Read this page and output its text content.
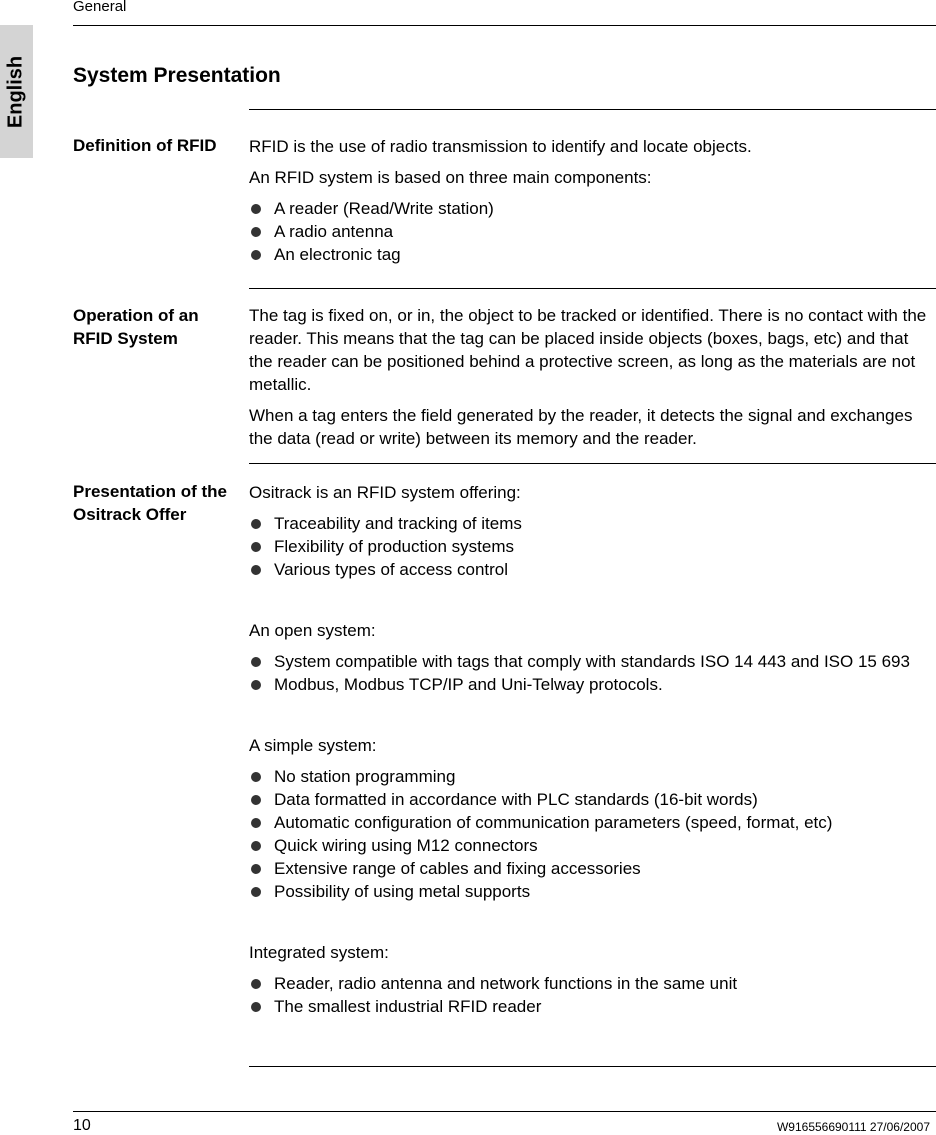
English
General
System Presentation
Definition of RFID	RFID is the use of radio transmission to identify and locate objects.

An RFID system is based on three main components:

A reader (Read/Write station)
A radio antenna
An electronic tag
Operation of an RFID System

The tag is fixed on, or in, the object to be tracked or identified. There is no contact with the reader. This means that the tag can be placed inside objects (boxes, bags, etc) and that the reader can be positioned behind a protective screen, as long as the materials are not metallic.

When a tag enters the field generated by the reader, it detects the signal and exchanges the data (read or write) between its memory and the reader.

Presentation of the Ositrack Offer

Ositrack is an RFID system offering:

Traceability and tracking of items
Flexibility of production systems
Various types of access control

An open system:

System compatible with tags that comply with standards ISO 14 443 and ISO 15 693
Modbus, Modbus TCP/IP and Uni-Telway protocols.

A simple system:

No station programming
Data formatted in accordance with PLC standards (16-bit words)
Automatic configuration of communication parameters (speed, format, etc)
Quick wiring using M12 connectors
Extensive range of cables and fixing accessories
Possibility of using metal supports

Integrated system:

Reader, radio antenna and network functions in the same unit
The smallest industrial RFID reader
10	W916556690111 27/06/2007
